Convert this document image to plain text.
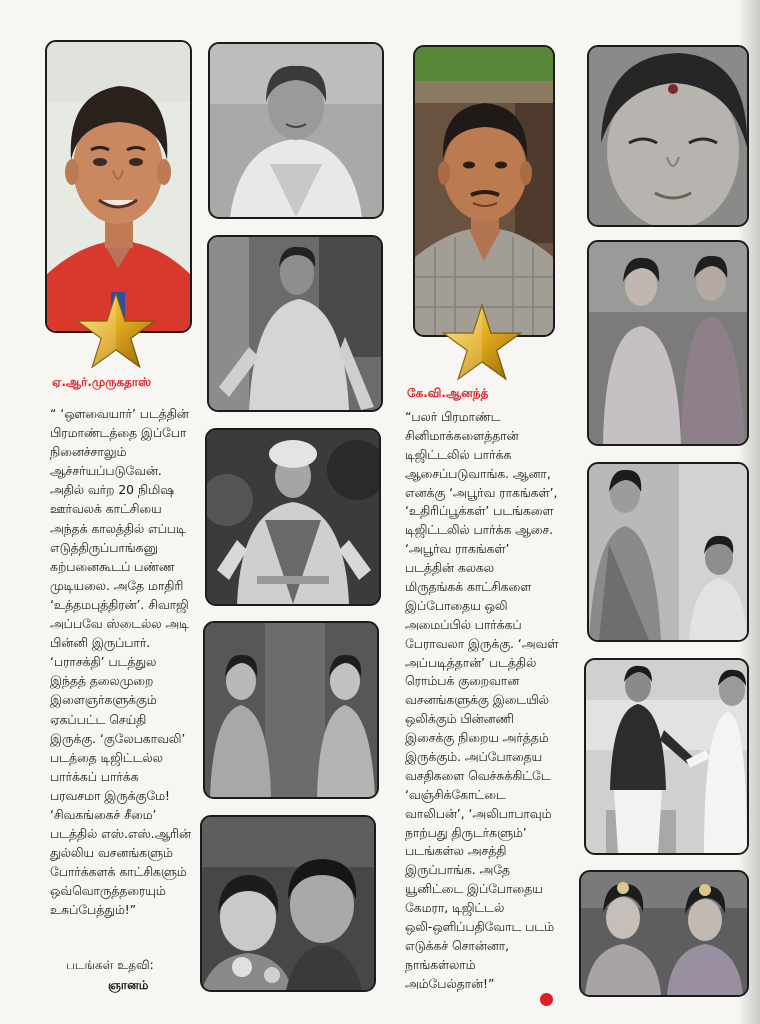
ஏ.ஆர்.முருகதாஸ்
“ ‘ஔவையார்’ படத்தின்
பிரமாண்டத்தை இப்போ
நினைச்சாலும்
ஆச்சர்யப்படுவேன்.
அதில் வர்ற 20 நிமிஷ
ஊர்வலக் காட்சியை
அந்தக் காலத்தில் எப்படி
எடுத்திருப்பாங்கனு
கற்பனைகூடப் பண்ண
முடியலை. அதே மாதிரி
‘உத்தமபுத்திரன்’. சிவாஜி
அப்பவே ஸ்டைல்ல அடி
பின்னி இருப்பார்.
‘பராசக்தி’ படத்துல
இந்தத் தலைமுறை
இளைஞர்களுக்கும்
ஏகப்பட்ட செய்தி
இருக்கு. ‘குலேபகாவலி’
படத்தை டிஜிட்டல்ல
பார்க்கப் பார்க்க
பரவசமா இருக்குமே!
‘சிவகங்கைச் சீமை’
படத்தில் எஸ்.எஸ்.ஆரின்
துல்லிய வசனங்களும்
போர்க்களக் காட்சிகளும்
ஒவ்வொருத்தரையும்
உசுப்பேத்தும்!”
படங்கள் உதவி:
ஞானம்
கே.வி.ஆனந்த்
“பலர் பிரமாண்ட
சினிமாக்களைத்தான்
டிஜிட்டலில் பார்க்க
ஆசைப்படுவாங்க. ஆனா,
எனக்கு ‘அபூர்வ ராகங்கள்’,
‘உதிரிப்பூக்கள்’ படங்களை
டிஜிட்டலில் பார்க்க ஆசை.
‘அபூர்வ ராகங்கள்’
படத்தின் கலகல
மிருதங்கக் காட்சிகளை
இப்போதைய ஒலி
அமைப்பில் பார்க்கப்
பேராவலா இருக்கு. ‘அவள்
அப்படித்தான்’ படத்தில்
ரொம்பக் குறைவான
வசனங்களுக்கு இடையில்
ஒலிக்கும் பின்னணி
இசைக்கு நிறைய அர்த்தம்
இருக்கும். அப்போதைய
வசதிகளை வெச்சுக்கிட்டே
‘வஞ்சிக்கோட்டை
வாலிபன்’, ‘அலிபாபாவும்
நாற்பது திருடர்களும்’
படங்கள்ல அசத்தி
இருப்பாங்க. அதே
யூனிட்டை இப்போதைய
கேமரா, டிஜிட்டல்
ஒலி-ஒளிப்பதிவோட படம்
எடுக்கச் சொன்னா,
நாங்கள்லாம்
அம்பேல்தான்!”
